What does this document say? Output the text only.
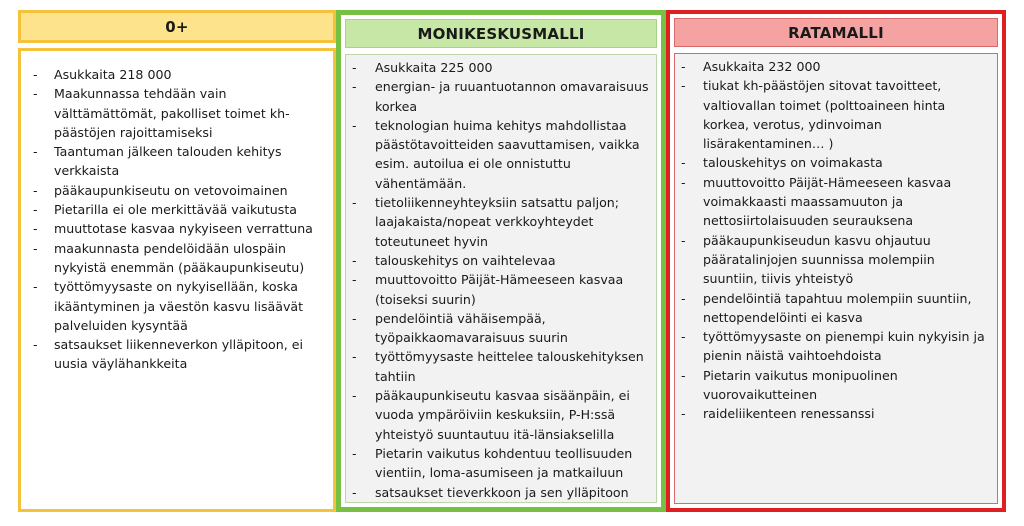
0+
- Asukkaita 218 000
- Maakunnassa tehdään vain välttämättömät, pakolliset toimet kh-päästöjen rajoittamiseksi
- Taantuman jälkeen talouden kehitys verkkaista
- pääkaupunkiseutu on vetovoimainen
- Pietarilla ei ole merkittävää vaikutusta
- muuttotase kasvaa nykyiseen verrattuna
- maakunnasta pendelöidään ulospäin nykyistä enemmän (pääkaupunkiseutu)
- työttömyysaste on nykyisellään, koska ikääntyminen ja väestön kasvu lisäävät palveluiden kysyntää
- satsaukset liikenneverkon ylläpitoon, ei uusia väylähankkeita
MONIKESKUSMALLI
- Asukkaita 225 000
- energian- ja ruuantuotannon omavaraisuus korkea
- teknologian huima kehitys mahdollistaa päästötavoitteiden saavuttamisen, vaikka esim. autoilua ei ole onnistuttu vähentämään.
- tietoliikenneyhteyksiin satsattu paljon; laajakaista/nopeat verkkoyhteydet toteutuneet hyvin
- talouskehitys on vaihtelevaa
- muuttovoitto Päijät-Hämeeseen kasvaa (toiseksi suurin)
- pendelöintiä vähäisempää, työpaikkaomavaraisuus suurin
- työttömyysaste heittelee talouskehityksen tahtiin
- pääkaupunkiseutu kasvaa sisäänpäin, ei vuoda ympäröiviin keskuksiin, P-H:ssä yhteistyö suuntautuu itä-länsiakselilla
- Pietarin vaikutus kohdentuu teollisuuden vientiin, loma-asumiseen ja matkailuun
- satsaukset tieverkkoon ja sen ylläpitoon
RATAMALLI
- Asukkaita 232 000
- tiukat kh-päästöjen sitovat tavoitteet, valtiovallan toimet (polttoaineen hinta korkea, verotus, ydinvoiman lisärakentaminen… )
- talouskehitys on voimakasta
- muuttovoitto Päijät-Hämeeseen kasvaa voimakkaasti maassamuuton ja nettosiirtolaisuuden seurauksena
- pääkaupunkiseudun kasvu ohjautuu pääratalinjojen suunnissa molempiin suuntiin, tiivis yhteistyö
- pendelöintiä tapahtuu molempiin suuntiin, nettopendelöinti ei kasva
- työttömyysaste on pienempi kuin nykyisin ja pienin näistä vaihtoehdoista
- Pietarin vaikutus monipuolinen vuorovaikutteinen
- raideliikenteen renessanssi
